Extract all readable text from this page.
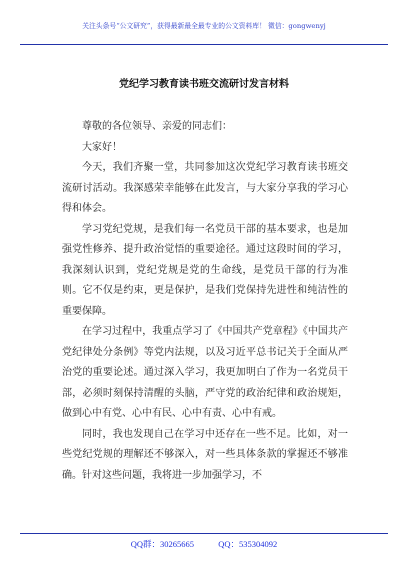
关注头条号“公文研究”，获得最新最全最专业的公文资料库！ 微信：gongwenyj
党纪学习教育读书班交流研讨发言材料

尊敬的各位领导、亲爱的同志们：

大家好！

今天，我们齐聚一堂，共同参加这次党纪学习教育读书班交流研讨活动。我深感荣幸能够在此发言，与大家分享我的学习心得和体会。

学习党纪党规，是我们每一名党员干部的基本要求，也是加强党性修养、提升政治觉悟的重要途径。通过这段时间的学习，我深刻认识到，党纪党规是党的生命线，是党员干部的行为准则。它不仅是约束，更是保护，是我们党保持先进性和纯洁性的重要保障。

在学习过程中，我重点学习了《中国共产党章程》《中国共产党纪律处分条例》等党内法规，以及习近平总书记关于全面从严治党的重要论述。通过深入学习，我更加明白了作为一名党员干部，必须时刻保持清醒的头脑，严守党的政治纪律和政治规矩，做到心中有党、心中有民、心中有责、心中有戒。

同时，我也发现自己在学习中还存在一些不足。比如，对一些党纪党规的理解还不够深入，对一些具体条款的掌握还不够准确。针对这些问题，我将进一步加强学习，不

QQ群：30265665	QQ：535304092
